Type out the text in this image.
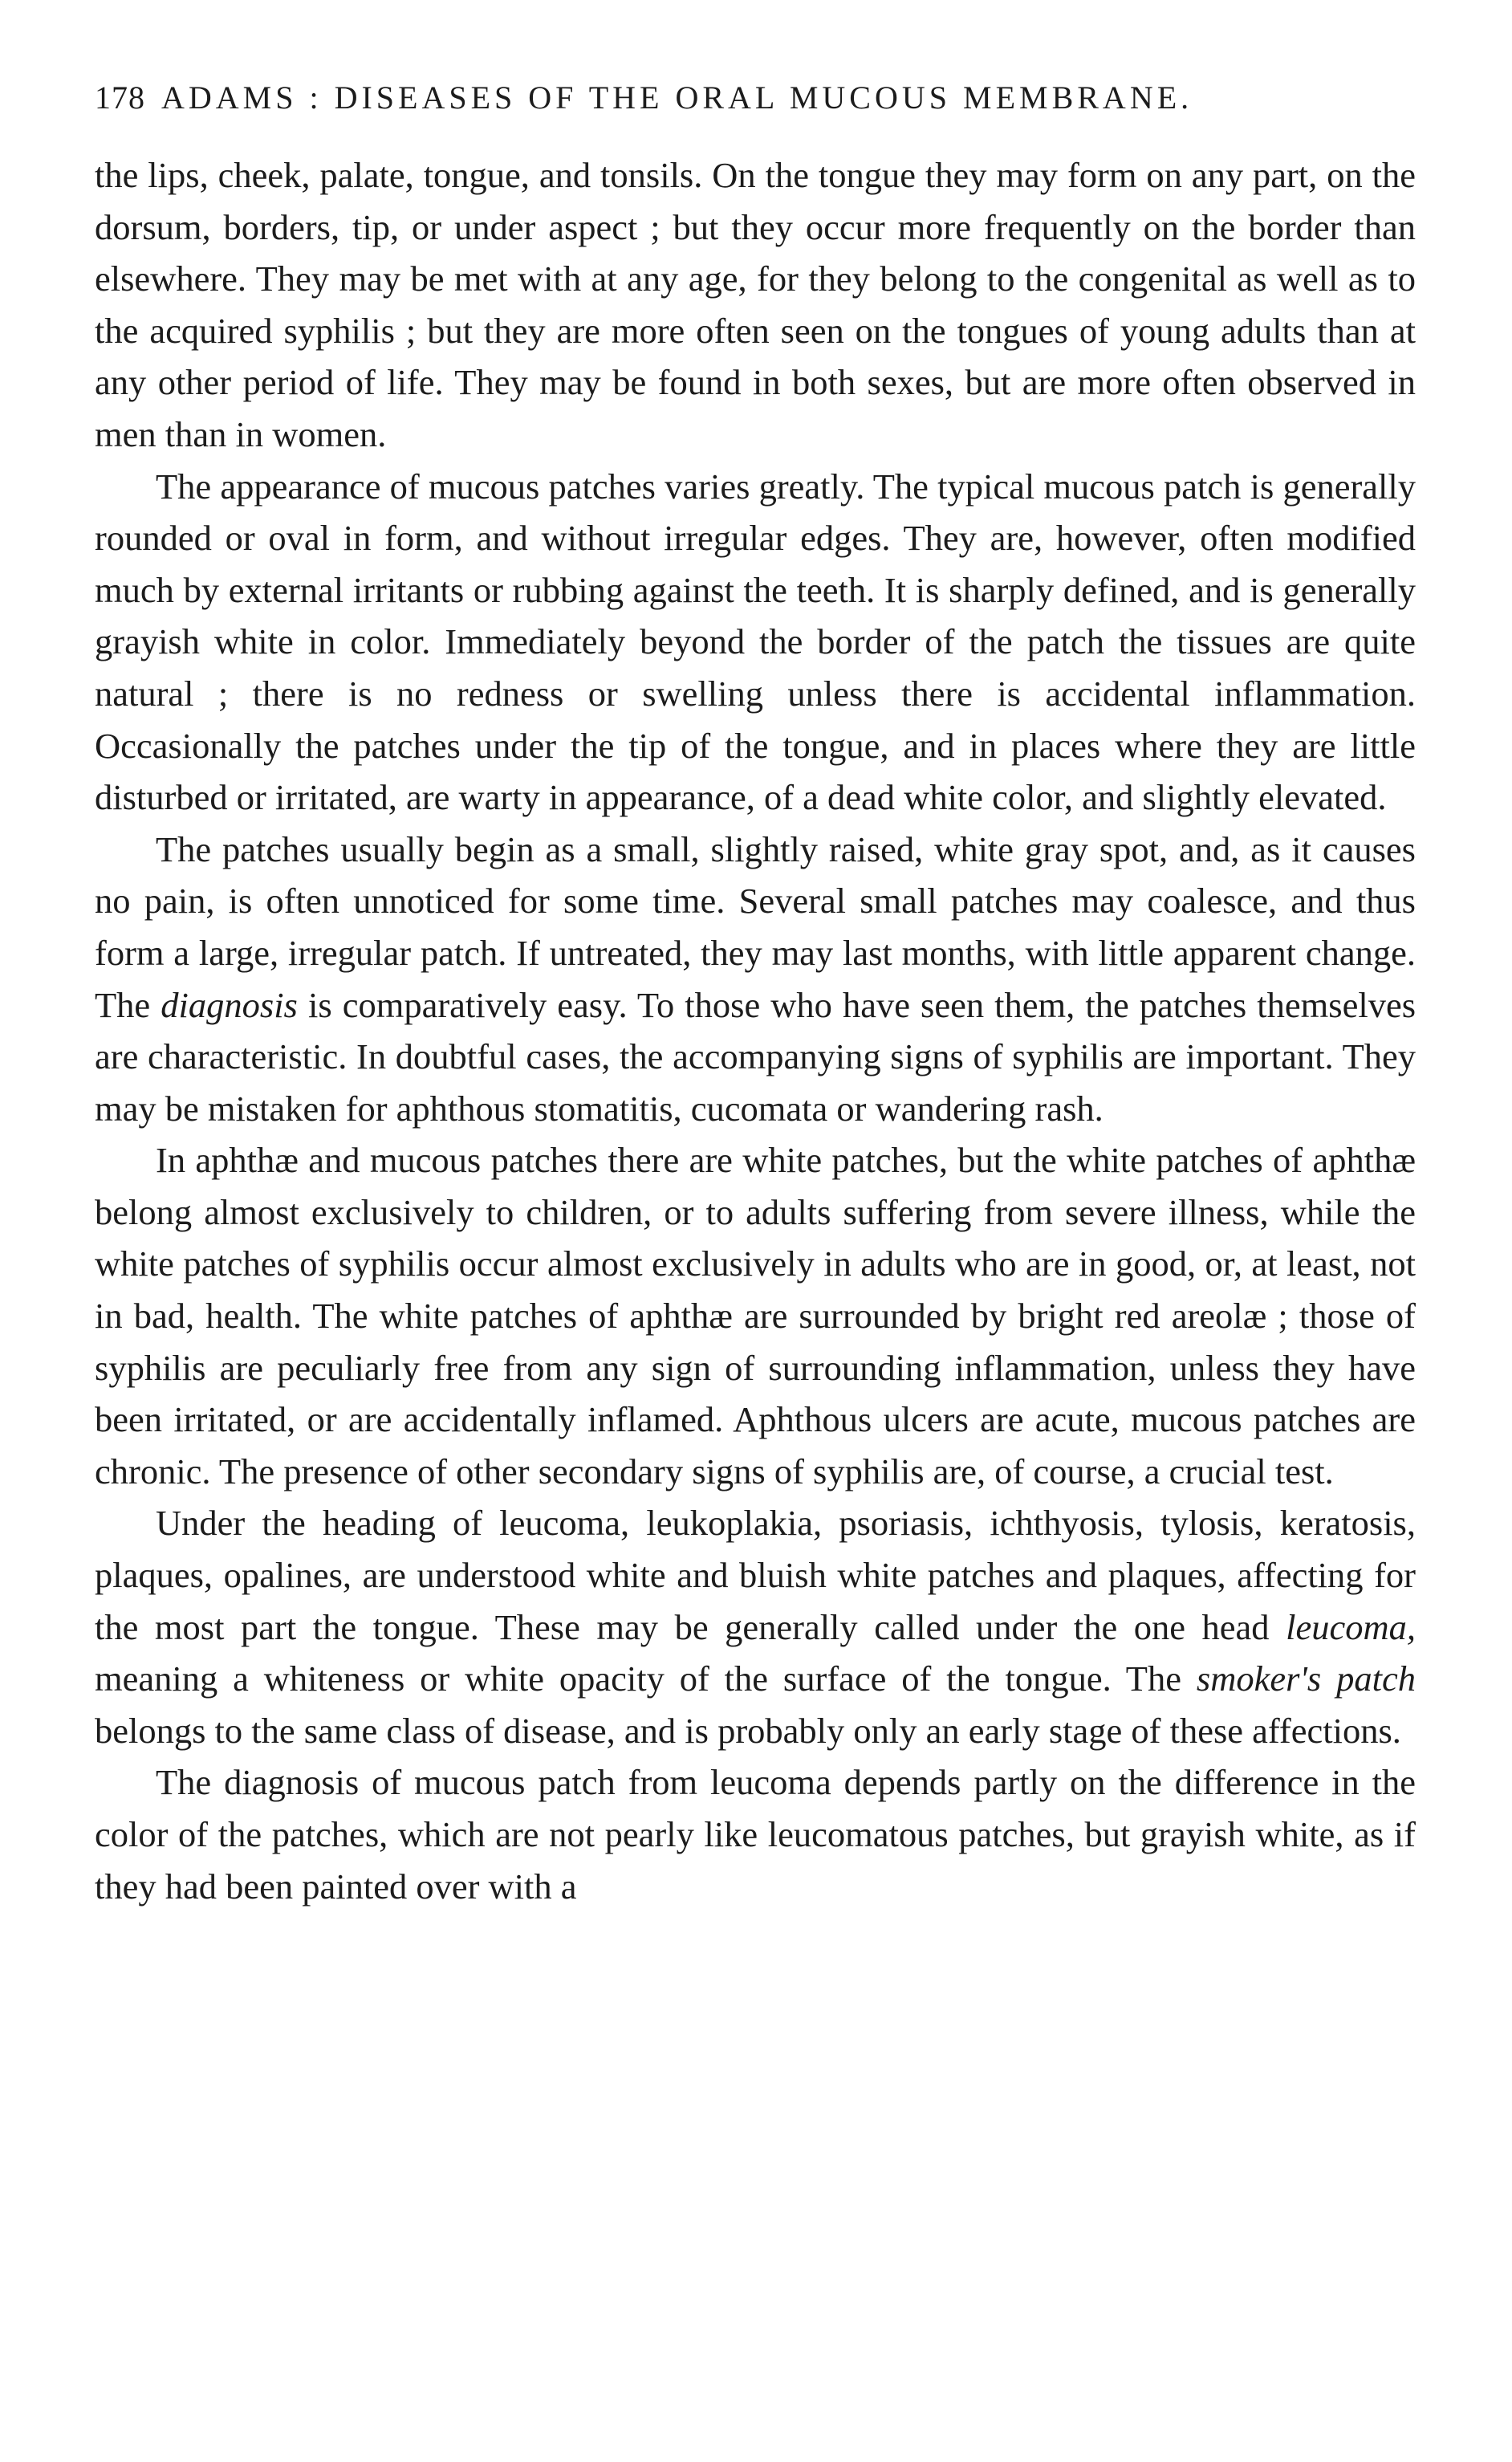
178 ADAMS : DISEASES OF THE ORAL MUCOUS MEMBRANE.

the lips, cheek, palate, tongue, and tonsils. On the tongue they may form on any part, on the dorsum, borders, tip, or under aspect ; but they occur more frequently on the border than elsewhere. They may be met with at any age, for they belong to the congenital as well as to the acquired syphilis ; but they are more often seen on the tongues of young adults than at any other period of life. They may be found in both sexes, but are more often observed in men than in women.

The appearance of mucous patches varies greatly. The typical mucous patch is generally rounded or oval in form, and without irregular edges. They are, however, often modified much by external irritants or rubbing against the teeth. It is sharply defined, and is generally grayish white in color. Immediately beyond the border of the patch the tissues are quite natural ; there is no redness or swelling unless there is accidental inflammation. Occasionally the patches under the tip of the tongue, and in places where they are little disturbed or irritated, are warty in appearance, of a dead white color, and slightly elevated.

The patches usually begin as a small, slightly raised, white gray spot, and, as it causes no pain, is often unnoticed for some time. Several small patches may coalesce, and thus form a large, irregular patch. If untreated, they may last months, with little apparent change. The diagnosis is comparatively easy. To those who have seen them, the patches themselves are characteristic. In doubtful cases, the accompanying signs of syphilis are important. They may be mistaken for aphthous stomatitis, cucomata or wandering rash.

In aphthæ and mucous patches there are white patches, but the white patches of aphthæ belong almost exclusively to children, or to adults suffering from severe illness, while the white patches of syphilis occur almost exclusively in adults who are in good, or, at least, not in bad, health. The white patches of aphthæ are surrounded by bright red areolæ ; those of syphilis are peculiarly free from any sign of surrounding inflammation, unless they have been irritated, or are accidentally inflamed. Aphthous ulcers are acute, mucous patches are chronic. The presence of other secondary signs of syphilis are, of course, a crucial test.

Under the heading of leucoma, leukoplakia, psoriasis, ichthyosis, tylosis, keratosis, plaques, opalines, are understood white and bluish white patches and plaques, affecting for the most part the tongue. These may be generally called under the one head leucoma, meaning a whiteness or white opacity of the surface of the tongue. The smoker's patch belongs to the same class of disease, and is probably only an early stage of these affections.

The diagnosis of mucous patch from leucoma depends partly on the difference in the color of the patches, which are not pearly like leucomatous patches, but grayish white, as if they had been painted over with a
